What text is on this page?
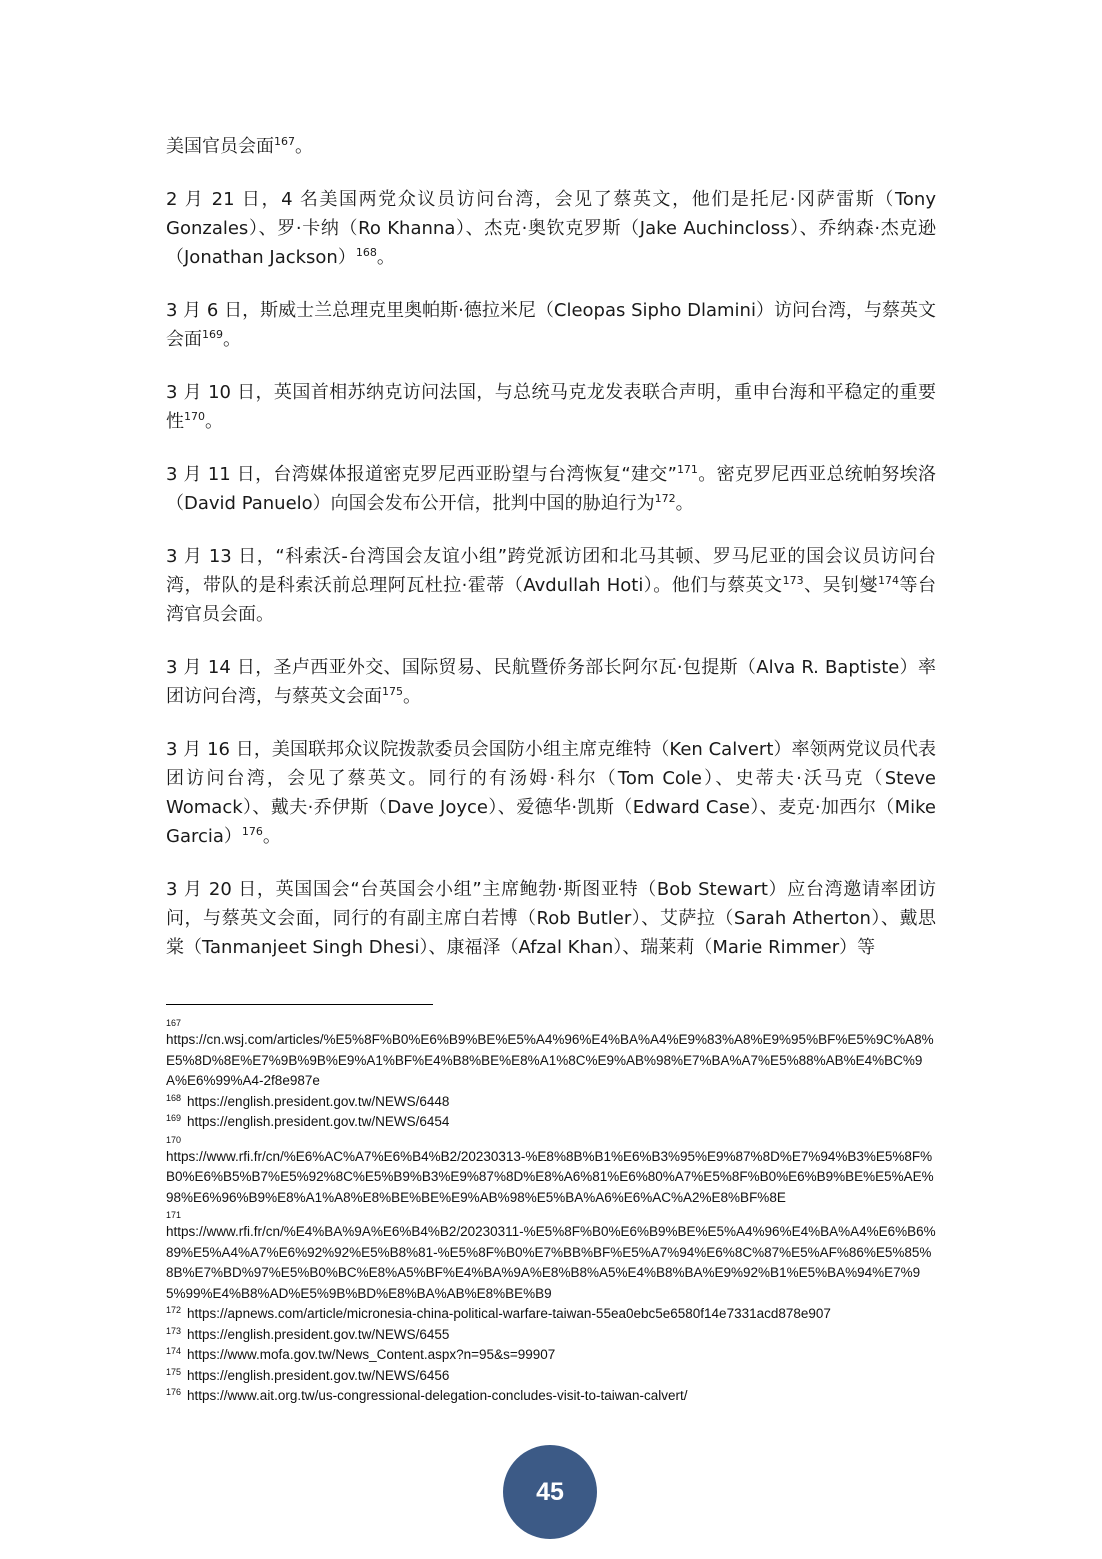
美国官员会面$^{167}$。

2 月 21 日，4 名美国两党众议员访问台湾，会见了蔡英文，他们是托尼·冈萨雷斯（Tony Gonzales）、罗·卡纳（Ro Khanna）、杰克·奥钦克罗斯（Jake Auchincloss）、乔纳森·杰克逊（Jonathan Jackson）$^{168}$。

3 月 6 日，斯威士兰总理克里奥帕斯·德拉米尼（Cleopas Sipho Dlamini）访问台湾，与蔡英文会面$^{169}$。

3 月 10 日，英国首相苏纳克访问法国，与总统马克龙发表联合声明，重申台海和平稳定的重要性$^{170}$。

3 月 11 日，台湾媒体报道密克罗尼西亚盼望与台湾恢复“建交”$^{171}$。密克罗尼西亚总统帕努埃洛（David Panuelo）向国会发布公开信，批判中国的胁迫行为$^{172}$。

3 月 13 日，“科索沃-台湾国会友谊小组”跨党派访团和北马其顿、罗马尼亚的国会议员访问台湾，带队的是科索沃前总理阿瓦杜拉·霍蒂（Avdullah Hoti）。他们与蔡英文$^{173}$、吴钊燮$^{174}$等台湾官员会面。

3 月 14 日，圣卢西亚外交、国际贸易、民航暨侨务部长阿尔瓦·包提斯（Alva R. Baptiste）率团访问台湾，与蔡英文会面$^{175}$。

3 月 16 日，美国联邦众议院拨款委员会国防小组主席克维特（Ken Calvert）率领两党议员代表团访问台湾，会见了蔡英文。同行的有汤姆·科尔（Tom Cole）、史蒂夫·沃马克（Steve Womack）、戴夫·乔伊斯（Dave Joyce）、爱德华·凯斯（Edward Case）、麦克·加西尔（Mike Garcia）$^{176}$。

3 月 20 日，英国国会“台英国会小组”主席鲍勃·斯图亚特（Bob Stewart）应台湾邀请率团访问，与蔡英文会面，同行的有副主席白若博（Rob Butler）、艾萨拉（Sarah Atherton）、戴思棠（Tanmanjeet Singh Dhesi）、康福泽（Afzal Khan）、瑞莱莉（Marie Rimmer）等

167

https://cn.wsj.com/articles/%E5%8F%B0%E6%B9%BE%E5%A4%96%E4%BA%A4%E9%83%A8%E9%95%BF%E5%9C%A8%E5%8D%8E%E7%9B%9B%E9%A1%BF%E4%B8%BE%E8%A1%8C%E9%AB%98%E7%BA%A7%E5%88%AB%E4%BC%9A%E6%99%A4-2f8e987e

$^{168}$ https://english.president.gov.tw/NEWS/6448

$^{169}$ https://english.president.gov.tw/NEWS/6454

170

https://www.rfi.fr/cn/%E6%AC%A7%E6%B4%B2/20230313-%E8%8B%B1%E6%B3%95%E9%87%8D%E7%94%B3%E5%8F%B0%E6%B5%B7%E5%92%8C%E5%B9%B3%E9%87%8D%E8%A6%81%E6%80%A7%E5%8F%B0%E6%B9%BE%E5%AE%98%E6%96%B9%E8%A1%A8%E8%BE%BE%E9%AB%98%E5%BA%A6%E6%AC%A2%E8%BF%8E

171

https://www.rfi.fr/cn/%E4%BA%9A%E6%B4%B2/20230311-%E5%8F%B0%E6%B9%BE%E5%A4%96%E4%BA%A4%E6%B6%89%E5%A4%A7%E6%92%92%E5%B8%81-%E5%8F%B0%E7%BB%BF%E5%A7%94%E6%8C%87%E5%AF%86%E5%85%8B%E7%BD%97%E5%B0%BC%E8%A5%BF%E4%BA%9A%E8%B8%A5%E4%B8%BA%E9%92%B1%E5%BA%94%E7%95%99%E4%B8%AD%E5%9B%BD%E8%BA%AB%E8%BE%B9

$^{172}$ https://apnews.com/article/micronesia-china-political-warfare-taiwan-55ea0ebc5e6580f14e7331acd878e907

$^{173}$ https://english.president.gov.tw/NEWS/6455

$^{174}$ https://www.mofa.gov.tw/News_Content.aspx?n=95&s=99907

$^{175}$ https://english.president.gov.tw/NEWS/6456

$^{176}$ https://www.ait.org.tw/us-congressional-delegation-concludes-visit-to-taiwan-calvert/

45
